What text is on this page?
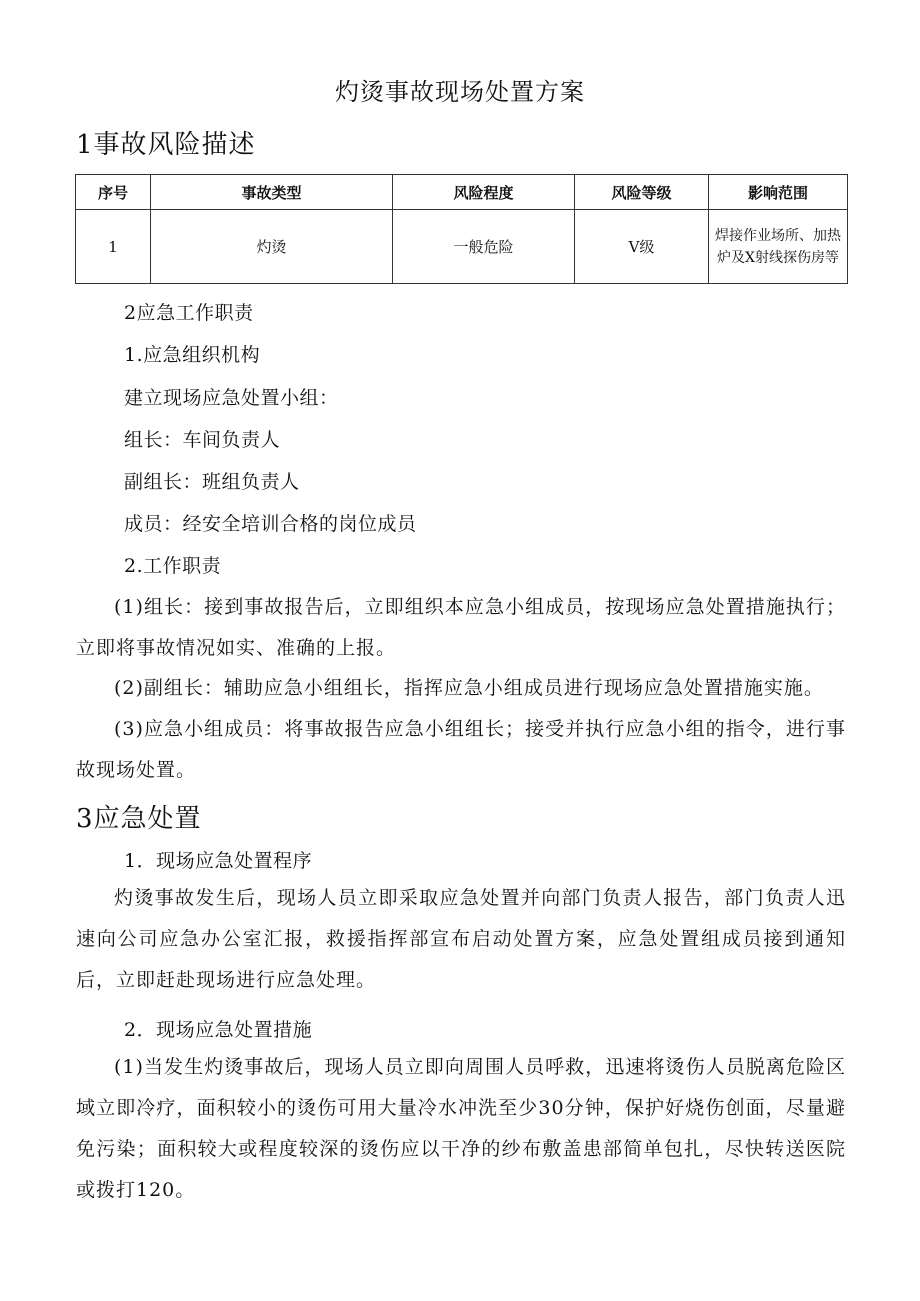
灼烫事故现场处置方案
1事故风险描述
序号	事故类型	风险程度	风险等级	影响范围
1	灼烫	一般危险	V级	焊接作业场所、加热炉及X射线探伤房等
2应急工作职责
1.应急组织机构
建立现场应急处置小组：
组长：车间负责人
副组长：班组负责人
成员：经安全培训合格的岗位成员
2.工作职责
(1)组长：接到事故报告后，立即组织本应急小组成员，按现场应急处置措施执行；立即将事故情况如实、准确的上报。
(2)副组长：辅助应急小组组长，指挥应急小组成员进行现场应急处置措施实施。
(3)应急小组成员：将事故报告应急小组组长；接受并执行应急小组的指令，进行事故现场处置。
3应急处置
1．现场应急处置程序
灼烫事故发生后，现场人员立即采取应急处置并向部门负责人报告，部门负责人迅速向公司应急办公室汇报，救援指挥部宣布启动处置方案，应急处置组成员接到通知后，立即赶赴现场进行应急处理。
2．现场应急处置措施
(1)当发生灼烫事故后，现场人员立即向周围人员呼救，迅速将烫伤人员脱离危险区域立即冷疗，面积较小的烫伤可用大量冷水冲洗至少30分钟，保护好烧伤创面，尽量避免污染；面积较大或程度较深的烫伤应以干净的纱布敷盖患部简单包扎，尽快转送医院或拨打120。
